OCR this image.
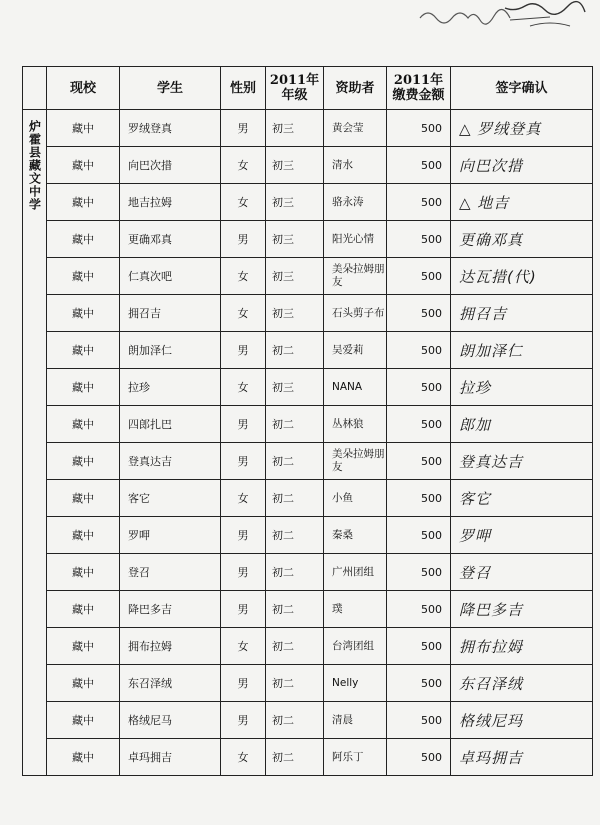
	现校	学生	性别	2011年 年级	资助者	2011年 缴费金额	签字确认
炉霍县藏文中学	藏中	罗绒登真	男	初三	黄会莹	500	△ 罗绒登真
	藏中	向巴次措	女	初三	清水	500	向巴次措
	藏中	地吉拉姆	女	初三	骆永涛	500	△ 地吉
	藏中	更确邓真	男	初三	阳光心情	500	更确邓真
	藏中	仁真次吧	女	初三	美朵拉姆朋友	500	达瓦措(代)
	藏中	拥召吉	女	初三	石头剪子布	500	拥召吉
	藏中	朗加泽仁	男	初二	吴爱莉	500	朗加泽仁
	藏中	拉珍	女	初三	NANA	500	拉珍
	藏中	四郎扎巴	男	初二	丛林狼	500	郎加
	藏中	登真达吉	男	初二	美朵拉姆朋友	500	登真达吉
	藏中	客它	女	初二	小鱼	500	客它
	藏中	罗呷	男	初二	秦桑	500	罗呷
	藏中	登召	男	初二	广州团组	500	登召
	藏中	降巴多吉	男	初二	璞	500	降巴多吉
	藏中	拥布拉姆	女	初二	台湾团组	500	拥布拉姆
	藏中	东召泽绒	男	初二	Nelly	500	东召泽绒
	藏中	格绒尼马	男	初二	清晨	500	格绒尼玛
	藏中	卓玛拥吉	女	初二	阿乐丁	500	卓玛拥吉
